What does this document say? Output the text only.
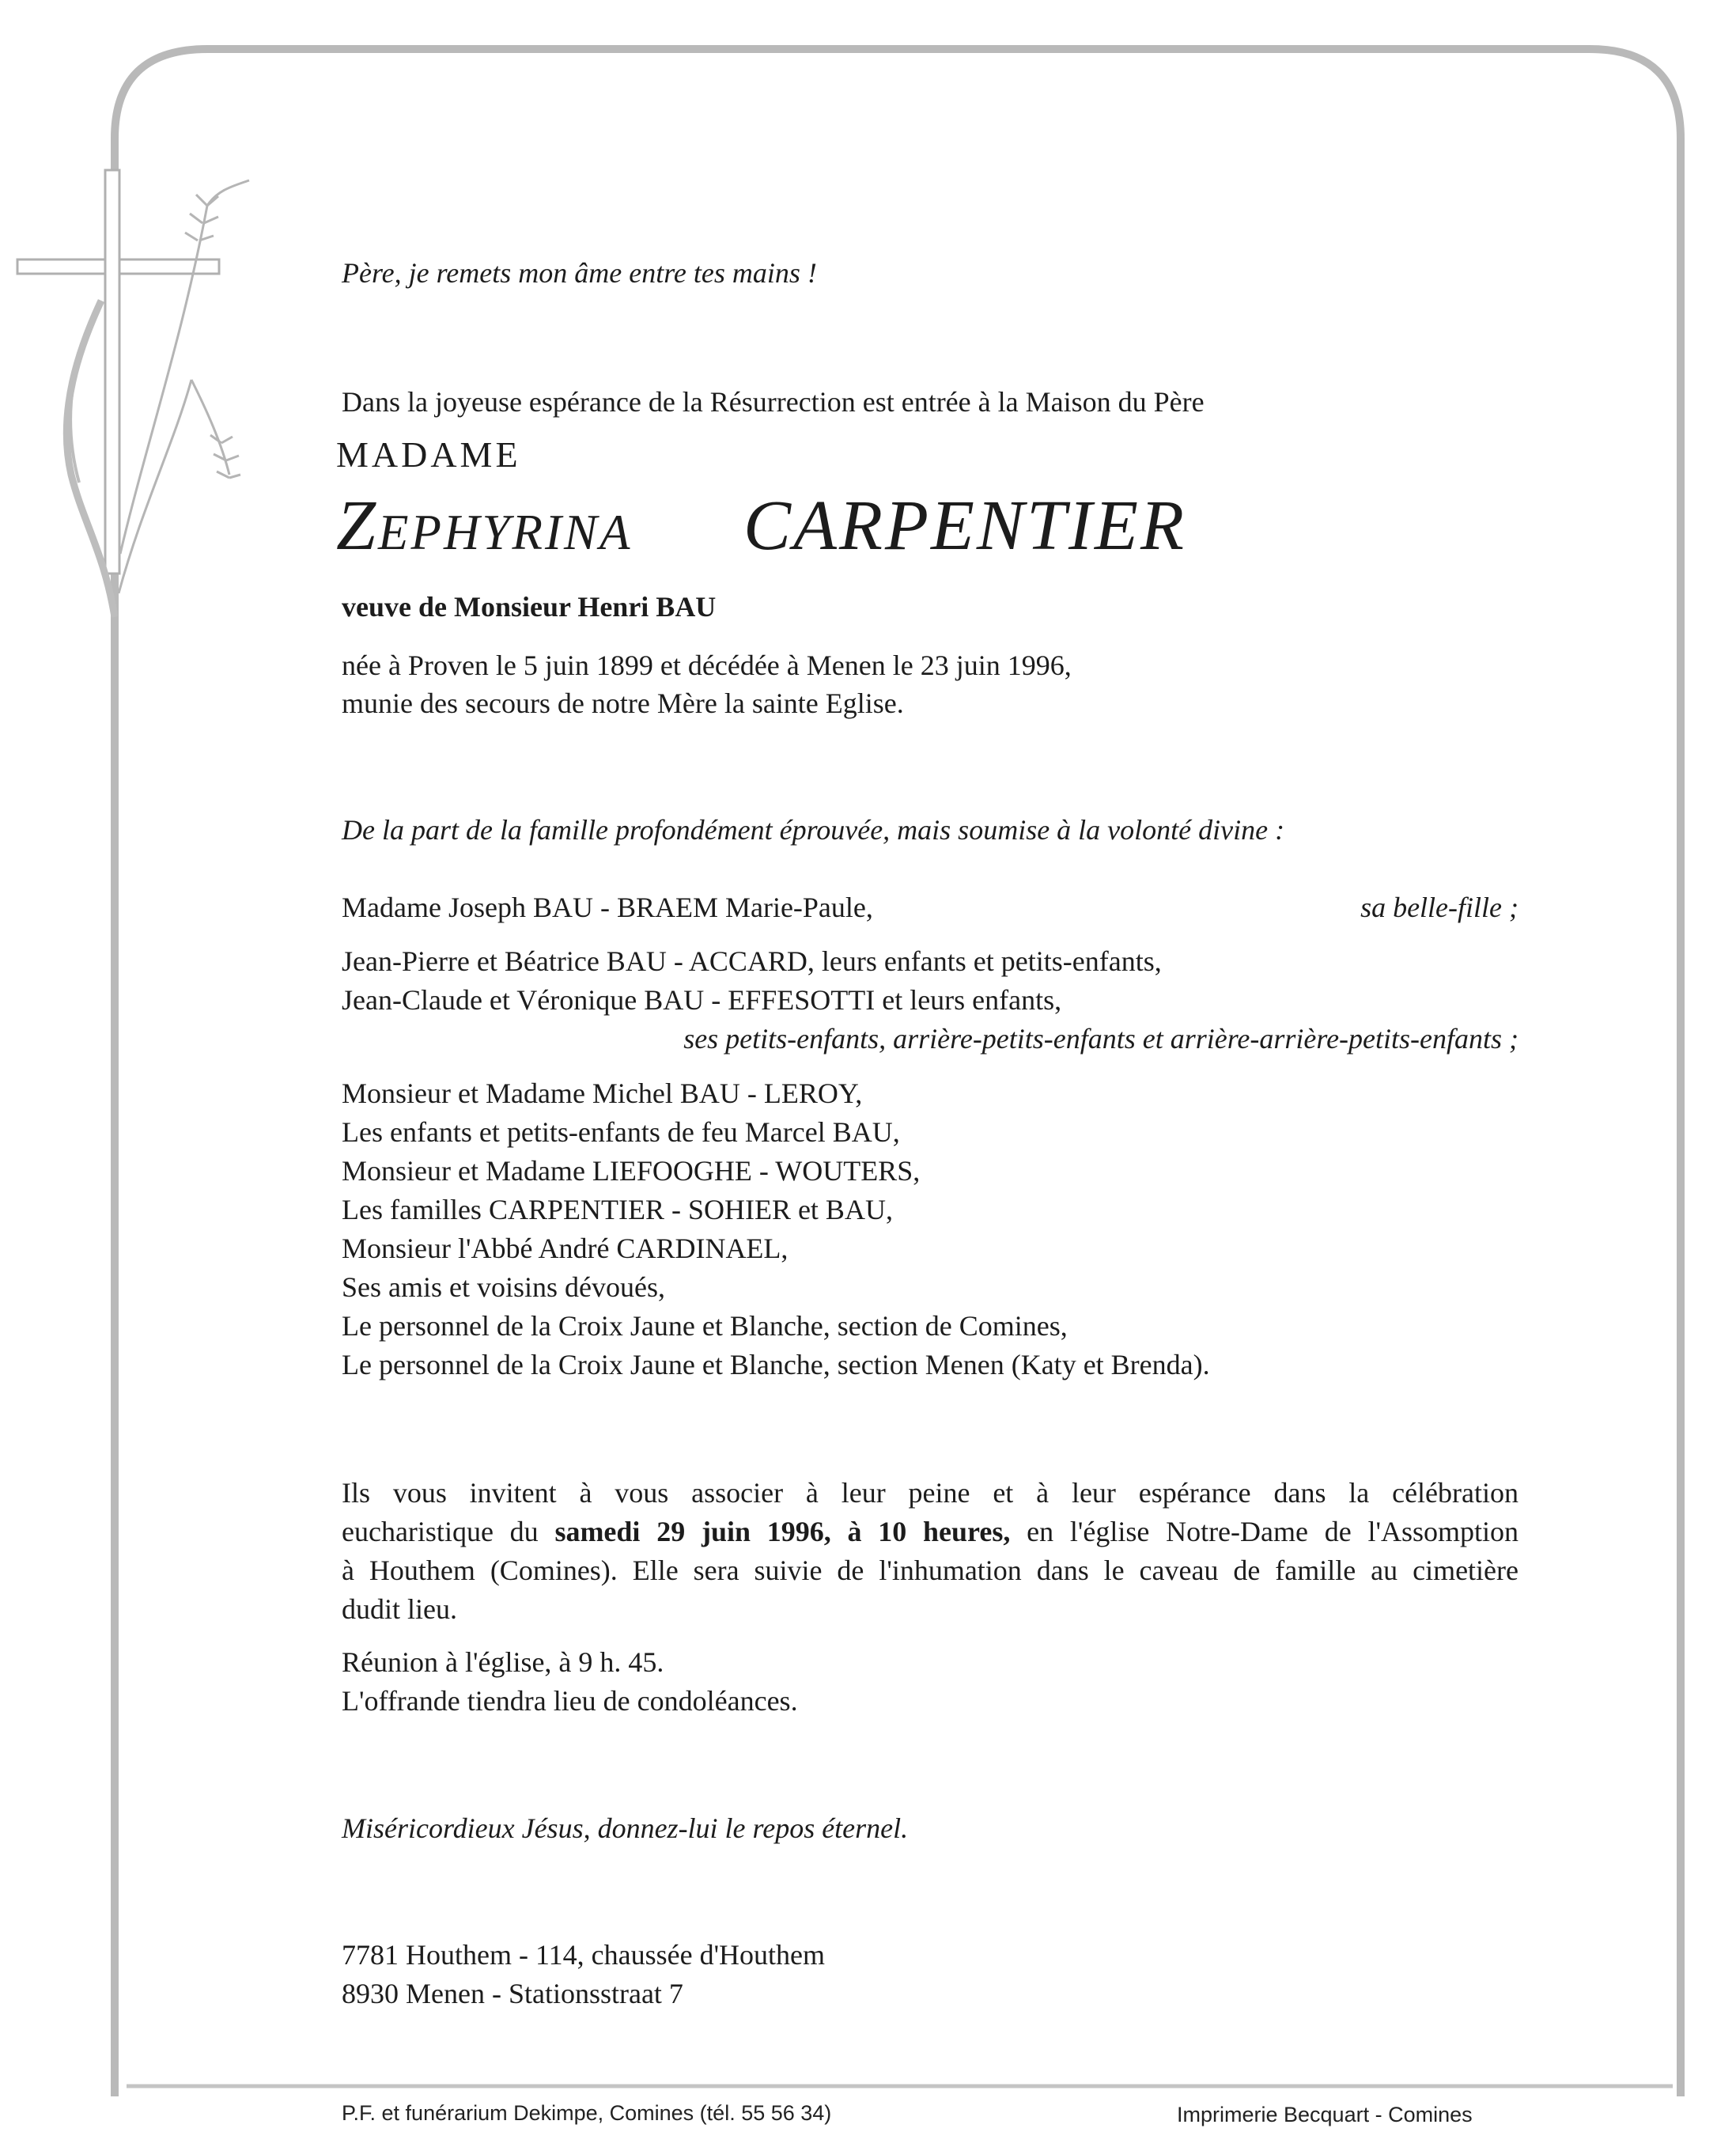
Père, je remets mon âme entre tes mains !
Dans la joyeuse espérance de la Résurrection est entrée à la Maison du Père
MADAME
Zephyrina CARPENTIER
veuve de Monsieur Henri BAU
née à Proven le 5 juin 1899 et décédée à Menen le 23 juin 1996,
munie des secours de notre Mère la sainte Eglise.
De la part de la famille profondément éprouvée, mais soumise à la volonté divine :
Madame Joseph BAU - BRAEM Marie-Paule,	sa belle-fille ;
Jean-Pierre et Béatrice BAU - ACCARD, leurs enfants et petits-enfants,
Jean-Claude et Véronique BAU - EFFESOTTI et leurs enfants,
ses petits-enfants, arrière-petits-enfants et arrière-arrière-petits-enfants ;
Monsieur et Madame Michel BAU - LEROY,
Les enfants et petits-enfants de feu Marcel BAU,
Monsieur et Madame LIEFOOGHE - WOUTERS,
Les familles CARPENTIER - SOHIER et BAU,
Monsieur l'Abbé André CARDINAEL,
Ses amis et voisins dévoués,
Le personnel de la Croix Jaune et Blanche, section de Comines,
Le personnel de la Croix Jaune et Blanche, section Menen (Katy et Brenda).
Ils vous invitent à vous associer à leur peine et à leur espérance dans la célébration
eucharistique du samedi 29 juin 1996, à 10 heures, en l'église Notre-Dame de l'Assomption
à Houthem (Comines). Elle sera suivie de l'inhumation dans le caveau de famille au cimetière
dudit lieu.
Réunion à l'église, à 9 h. 45.
L'offrande tiendra lieu de condoléances.
Miséricordieux Jésus, donnez-lui le repos éternel.
7781 Houthem - 114, chaussée d'Houthem
8930 Menen - Stationsstraat 7
P.F. et funérarium Dekimpe, Comines (tél. 55 56 34)	Imprimerie Becquart - Comines
